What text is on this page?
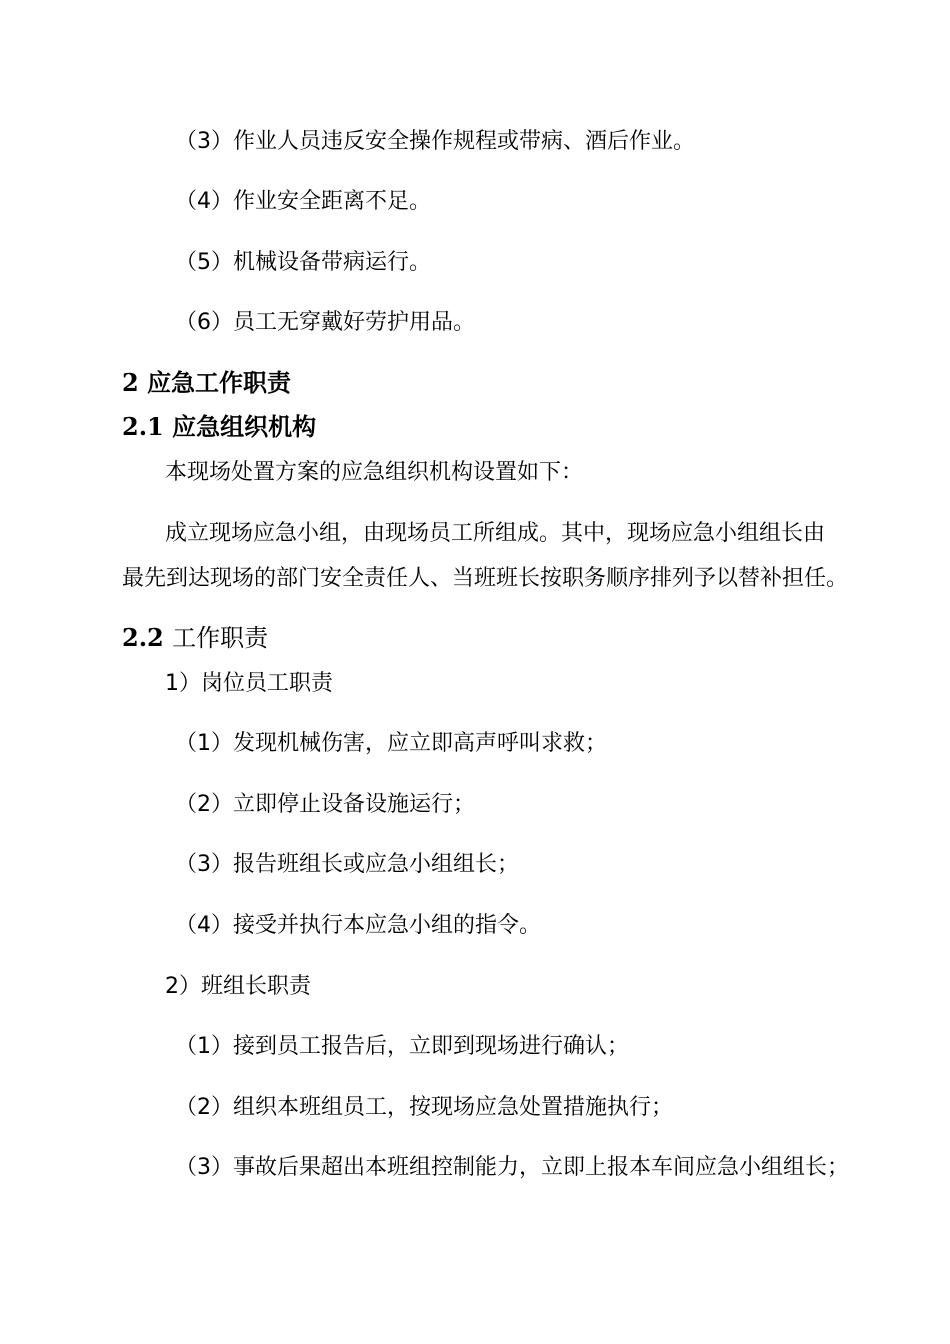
（3）作业人员违反安全操作规程或带病、酒后作业。
（4）作业安全距离不足。
（5）机械设备带病运行。
（6）员工无穿戴好劳护用品。
2 应急工作职责
2.1 应急组织机构
本现场处置方案的应急组织机构设置如下：
成立现场应急小组，由现场员工所组成。其中，现场应急小组组长由
最先到达现场的部门安全责任人、当班班长按职务顺序排列予以替补担任。
2.2 工作职责
1）岗位员工职责
（1）发现机械伤害，应立即高声呼叫求救；
（2）立即停止设备设施运行；
（3）报告班组长或应急小组组长；
（4）接受并执行本应急小组的指令。
2）班组长职责
（1）接到员工报告后，立即到现场进行确认；
（2）组织本班组员工，按现场应急处置措施执行；
（3）事故后果超出本班组控制能力，立即上报本车间应急小组组长；
